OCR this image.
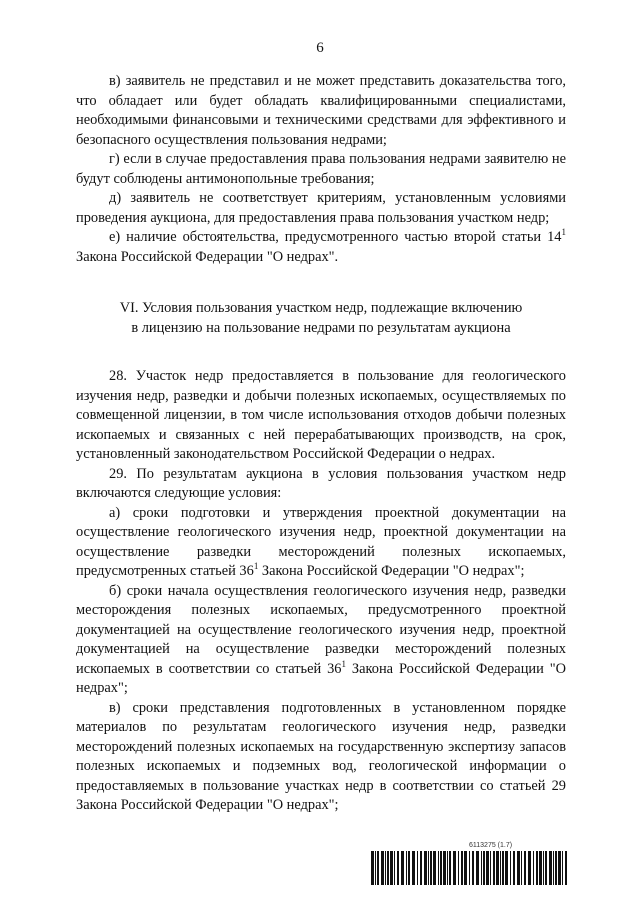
6

в) заявитель не представил и не может представить доказательства того, что обладает или будет обладать квалифицированными специалистами, необходимыми финансовыми и техническими средствами для эффективного и безопасного осуществления пользования недрами;

г) если в случае предоставления права пользования недрами заявителю не будут соблюдены антимонопольные требования;

д) заявитель не соответствует критериям, установленным условиями проведения аукциона, для предоставления права пользования участком недр;

е) наличие обстоятельства, предусмотренного частью второй статьи $14^1$ Закона Российской Федерации "О недрах".

VI. Условия пользования участком недр, подлежащие включению
в лицензию на пользование недрами по результатам аукциона

28. Участок недр предоставляется в пользование для геологического изучения недр, разведки и добычи полезных ископаемых, осуществляемых по совмещенной лицензии, в том числе использования отходов добычи полезных ископаемых и связанных с ней перерабатывающих производств, на срок, установленный законодательством Российской Федерации о недрах.

29. По результатам аукциона в условия пользования участком недр включаются следующие условия:

а) сроки подготовки и утверждения проектной документации на осуществление геологического изучения недр, проектной документации на осуществление разведки месторождений полезных ископаемых, предусмотренных статьей $36^1$ Закона Российской Федерации "О недрах";

б) сроки начала осуществления геологического изучения недр, разведки месторождения полезных ископаемых, предусмотренного проектной документацией на осуществление геологического изучения недр, проектной документацией на осуществление разведки месторождений полезных ископаемых в соответствии со статьей $36^1$ Закона Российской Федерации "О недрах";

в) сроки представления подготовленных в установленном порядке материалов по результатам геологического изучения недр, разведки месторождений полезных ископаемых на государственную экспертизу запасов полезных ископаемых и подземных вод, геологической информации о предоставляемых в пользование участках недр в соответствии со статьей 29 Закона Российской Федерации "О недрах";

6113275 (1.7)
